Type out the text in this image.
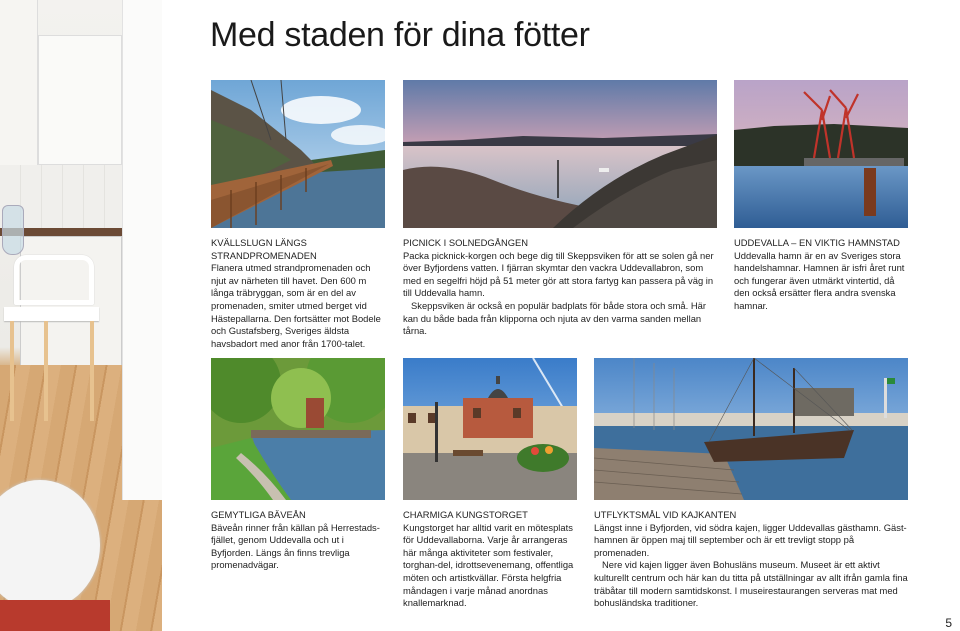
Med staden för dina fötter
KVÄLLSLUGN LÄNGS STRANDPROMENADEN

Flanera utmed strandpromenaden och njut av närheten till havet. Den 600 m långa träbryggan, som är en del av promenaden, smiter utmed berget vid Hästepallarna. Den fortsätter mot Bodele och Gustafsberg, Sveriges äldsta havsbadort med anor från 1700-talet.

PICNICK I SOLNEDGÅNGEN

Packa picknick-korgen och bege dig till Skeppsviken för att se solen gå ner över Byfjordens vatten. I fjärran skymtar den vackra Uddevallabron, som med en segelfri höjd på 51 meter gör att stora fartyg kan passera på väg in till Uddevalla hamn.

Skeppsviken är också en populär badplats för både stora och små. Här kan du både bada från klipporna och njuta av den varma sanden mellan tårna.

UDDEVALLA – EN VIKTIG HAMNSTAD

Uddevalla hamn är en av Sveriges stora handelshamnar. Hamnen är isfri året runt och fungerar även utmärkt vintertid, då den också ersätter flera andra svenska hamnar.

GEMYTLIGA BÄVEÅN

Bäveån rinner från källan på Herrestads-fjället, genom Uddevalla och ut i Byfjorden. Längs ån finns trevliga promenadvägar.

CHARMIGA KUNGSTORGET

Kungstorget har alltid varit en mötesplats för Uddevallaborna. Varje år arrangeras här många aktiviteter som festivaler, torghan-del, idrottsevenemang, offentliga möten och artistkvällar. Första helgfria måndagen i varje månad anordnas knallemarknad.

UTFLYKTSMÅL VID KAJKANTEN

Längst inne i Byfjorden, vid södra kajen, ligger Uddevallas gästhamn. Gäst-hamnen är öppen maj till september och är ett trevligt stopp på promenaden.

Nere vid kajen ligger även Bohusläns museum. Museet är ett aktivt kulturellt centrum och här kan du titta på utställningar av allt ifrån gamla fina träbåtar till modern samtidskonst. I museirestaurangen serveras mat med bohusländska traditioner.

5
